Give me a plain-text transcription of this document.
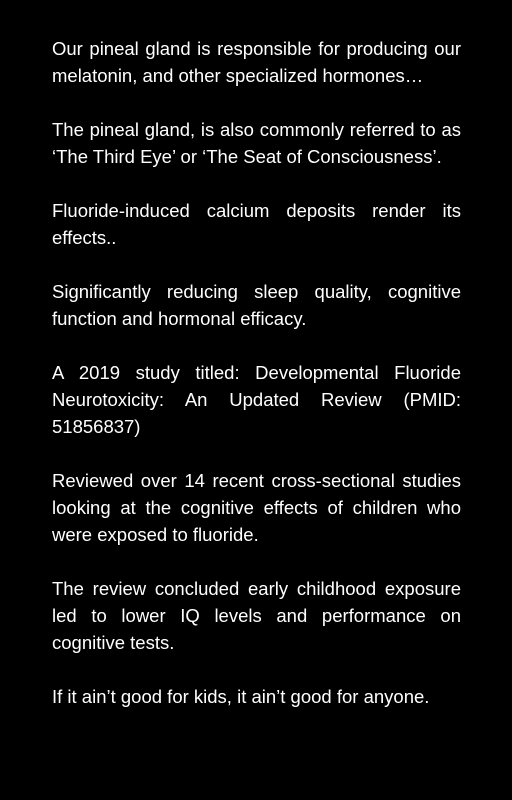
Our pineal gland is responsible for producing our melatonin, and other specialized hormones…

The pineal gland, is also commonly referred to as ‘The Third Eye’ or ‘The Seat of Consciousness’.

Fluoride-induced calcium deposits render its effects..

Significantly reducing sleep quality, cognitive function and hormonal efficacy.

A 2019 study titled: Developmental Fluoride Neurotoxicity: An Updated Review (PMID: 51856837)

Reviewed over 14 recent cross-sectional studies looking at the cognitive effects of children who were exposed to fluoride.

The review concluded early childhood exposure led to lower IQ levels and performance on cognitive tests.

If it ain’t good for kids, it ain’t good for anyone.
